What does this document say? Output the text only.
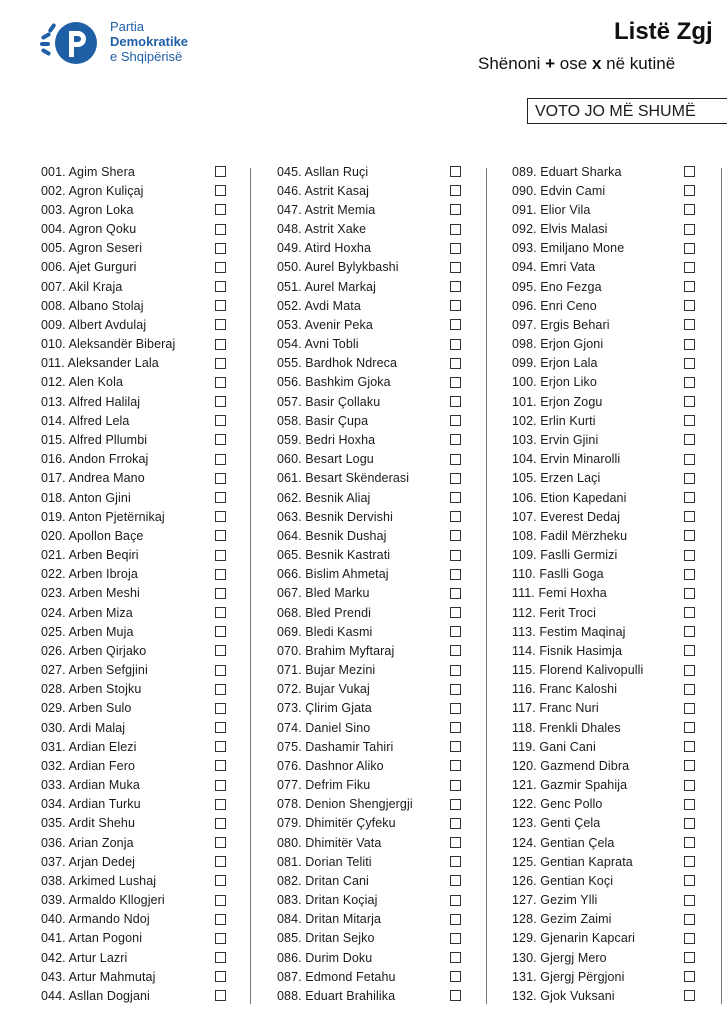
Partia
Demokratike
e Shqipërisë
Listë Zgj
Shënoni + ose x në kutinë
VOTO JO MË SHUMË
001. Agim Shera
002. Agron Kuliçaj
003. Agron Loka
004. Agron Qoku
005. Agron Seseri
006. Ajet Gurguri
007. Akil Kraja
008. Albano Stolaj
009. Albert Avdulaj
010. Aleksandër Biberaj
011. Aleksander Lala
012. Alen Kola
013. Alfred Halilaj
014. Alfred Lela
015. Alfred Pllumbi
016. Andon Frrokaj
017. Andrea Mano
018. Anton Gjini
019. Anton Pjetërnikaj
020. Apollon Baçe
021. Arben Beqiri
022. Arben Ibroja
023. Arben Meshi
024. Arben Miza
025. Arben Muja
026. Arben Qirjako
027. Arben Sefgjini
028. Arben Stojku
029. Arben Sulo
030. Ardi Malaj
031. Ardian Elezi
032. Ardian Fero
033. Ardian Muka
034. Ardian Turku
035. Ardit Shehu
036. Arian Zonja
037. Arjan Dedej
038. Arkimed Lushaj
039. Armaldo Kllogjeri
040. Armando Ndoj
041. Artan Pogoni
042. Artur Lazri
043. Artur Mahmutaj
044. Asllan Dogjani
045. Asllan Ruçi
046. Astrit Kasaj
047. Astrit Memia
048. Astrit Xake
049. Atird Hoxha
050. Aurel Bylykbashi
051. Aurel Markaj
052. Avdi Mata
053. Avenir Peka
054. Avni Tobli
055. Bardhok Ndreca
056. Bashkim Gjoka
057. Basir Çollaku
058. Basir Çupa
059. Bedri Hoxha
060. Besart Logu
061. Besart Skënderasi
062. Besnik Aliaj
063. Besnik Dervishi
064. Besnik Dushaj
065. Besnik Kastrati
066. Bislim Ahmetaj
067. Bled Marku
068. Bled Prendi
069. Bledi Kasmi
070. Brahim Myftaraj
071. Bujar Mezini
072. Bujar Vukaj
073. Çlirim Gjata
074. Daniel Sino
075. Dashamir Tahiri
076. Dashnor Aliko
077. Defrim Fiku
078. Denion Shengjergji
079. Dhimitër Çyfeku
080. Dhimitër Vata
081. Dorian Teliti
082. Dritan Cani
083. Dritan Koçiaj
084. Dritan Mitarja
085. Dritan Sejko
086. Durim Doku
087. Edmond Fetahu
088. Eduart Brahilika
089. Eduart Sharka
090. Edvin Cami
091. Elior Vila
092. Elvis Malasi
093. Emiljano Mone
094. Emri Vata
095. Eno Fezga
096. Enri Ceno
097. Ergis Behari
098. Erjon Gjoni
099. Erjon Lala
100. Erjon Liko
101. Erjon Zogu
102. Erlin Kurti
103. Ervin Gjini
104. Ervin Minarolli
105. Erzen Laçi
106. Etion Kapedani
107. Everest Dedaj
108. Fadil Mërzheku
109. Faslli Germizi
110. Faslli Goga
111. Femi Hoxha
112. Ferit Troci
113. Festim Maqinaj
114. Fisnik Hasimja
115. Florend Kalivopulli
116. Franc Kaloshi
117. Franc Nuri
118. Frenkli Dhales
119. Gani Cani
120. Gazmend Dibra
121. Gazmir Spahija
122. Genc Pollo
123. Genti Çela
124. Gentian Çela
125. Gentian Kaprata
126. Gentian Koçi
127. Gezim Ylli
128. Gezim Zaimi
129. Gjenarin Kapcari
130. Gjergj Mero
131. Gjergj Përgjoni
132. Gjok Vuksani
